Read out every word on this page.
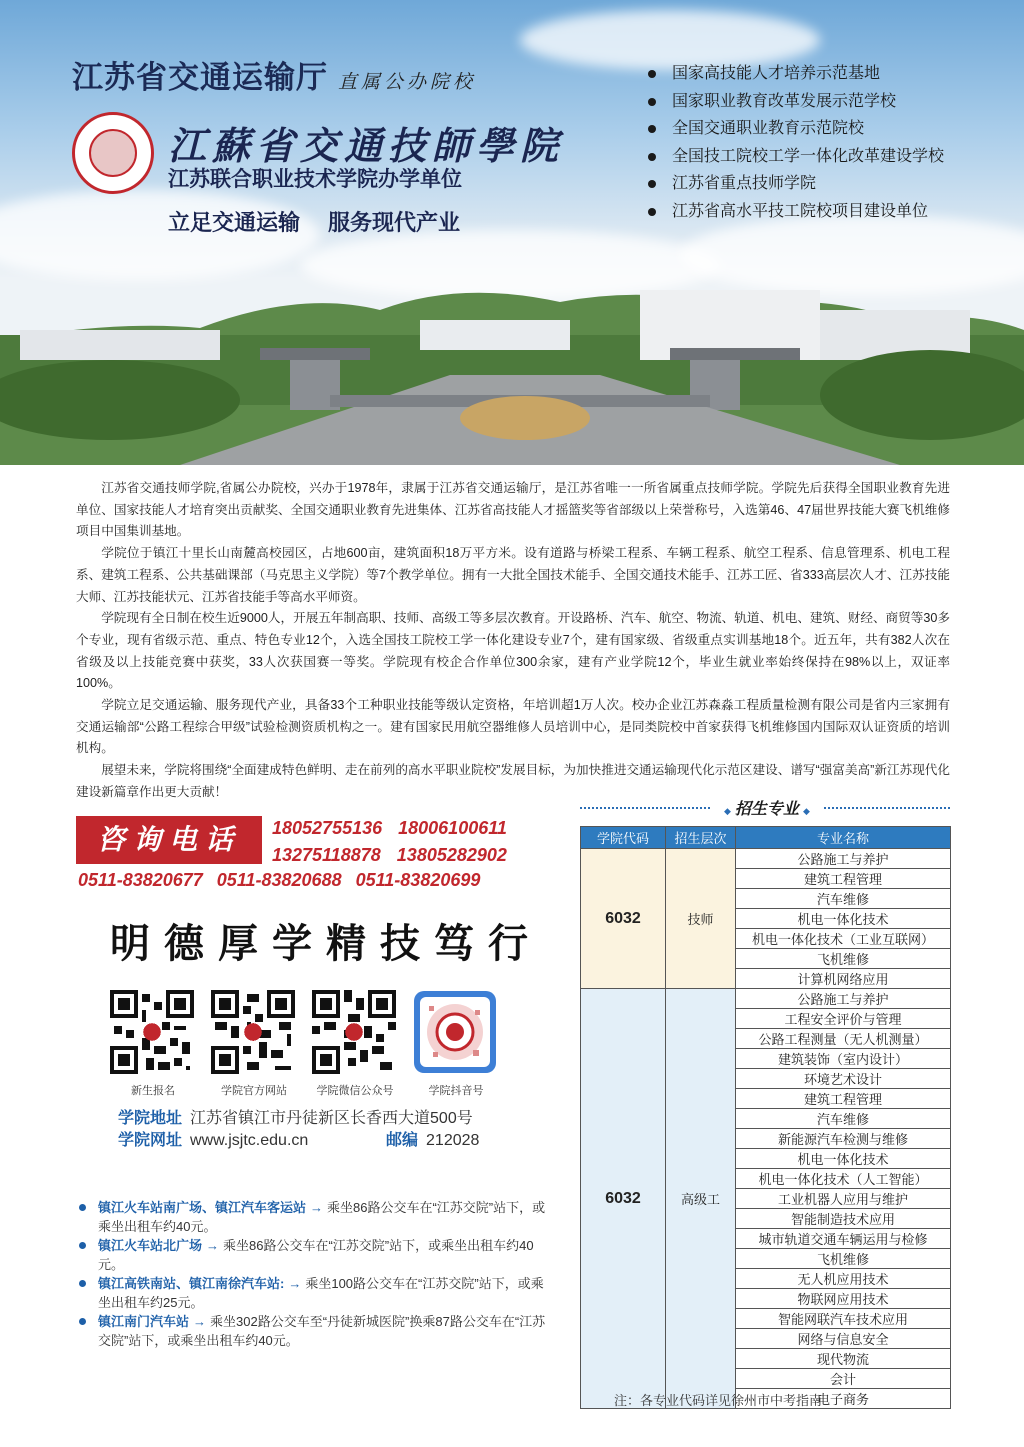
江苏省交通运输厅 直属公办院校
江蘇省交通技師學院
江苏联合职业技术学院办学单位
立足交通运输 服务现代产业
国家高技能人才培养示范基地
国家职业教育改革发展示范学校
全国交通职业教育示范院校
全国技工院校工学一体化改革建设学校
江苏省重点技师学院
江苏省高水平技工院校项目建设单位

江苏省交通技师学院,省属公办院校，兴办于1978年，隶属于江苏省交通运输厅，是江苏省唯一一所省属重点技师学院。学院先后获得全国职业教育先进单位、国家技能人才培育突出贡献奖、全国交通职业教育先进集体、江苏省高技能人才摇篮奖等省部级以上荣誉称号，入选第46、47届世界技能大赛飞机维修项目中国集训基地。

学院位于镇江十里长山南麓高校园区，占地600亩，建筑面积18万平方米。设有道路与桥梁工程系、车辆工程系、航空工程系、信息管理系、机电工程系、建筑工程系、公共基础课部（马克思主义学院）等7个教学单位。拥有一大批全国技术能手、全国交通技术能手、江苏工匠、省333高层次人才、江苏技能大师、江苏技能状元、江苏省技能手等高水平师资。

学院现有全日制在校生近9000人，开展五年制高职、技师、高级工等多层次教育。开设路桥、汽车、航空、物流、轨道、机电、建筑、财经、商贸等30多个专业，现有省级示范、重点、特色专业12个，入选全国技工院校工学一体化建设专业7个，建有国家级、省级重点实训基地18个。近五年，共有382人次在省级及以上技能竞赛中获奖，33人次获国赛一等奖。学院现有校企合作单位300余家，建有产业学院12个，毕业生就业率始终保持在98%以上，双证率100%。

学院立足交通运输、服务现代产业，具备33个工种职业技能等级认定资格，年培训超1万人次。校办企业江苏森淼工程质量检测有限公司是省内三家拥有交通运输部“公路工程综合甲级”试验检测资质机构之一。建有国家民用航空器维修人员培训中心，是同类院校中首家获得飞机维修国内国际双认证资质的培训机构。

展望未来，学院将围绕“全面建成特色鲜明、走在前列的高水平职业院校”发展目标，为加快推进交通运输现代化示范区建设、谱写“强富美高”新江苏现代化建设新篇章作出更大贡献！

咨询电话	18052755136 18006100611
13275118878 13805282902
0511-83820677 0511-83820688 0511-83820699
明德厚学精技笃行
新生报名	学院官方网站	学院微信公众号	学院抖音号
学院地址 江苏省镇江市丹徒新区长香西大道500号
学院网址 www.jsjtc.edu.cn	邮编 212028
镇江火车站南广场、镇江汽车客运站 → 乘坐86路公交车在“江苏交院”站下，或乘坐出租车约40元。
镇江火车站北广场 → 乘坐86路公交车在“江苏交院”站下，或乘坐出租车约40元。
镇江高铁南站、镇江南徐汽车站: → 乘坐100路公交车在“江苏交院”站下，或乘坐出租车约25元。
镇江南门汽车站 → 乘坐302路公交车至“丹徒新城医院”换乘87路公交车在“江苏交院”站下，或乘坐出租车约40元。
◆ 招生专业 ◆
学院代码	招生层次	专业名称
6032	技师	公路施工与养护
		建筑工程管理
		汽车维修
		机电一体化技术
		机电一体化技术（工业互联网）
		飞机维修
		计算机网络应用
6032	高级工	公路施工与养护
		工程安全评价与管理
		公路工程测量（无人机测量）
		建筑装饰（室内设计）
		环境艺术设计
		建筑工程管理
		汽车维修
		新能源汽车检测与维修
		机电一体化技术
		机电一体化技术（人工智能）
		工业机器人应用与维护
		智能制造技术应用
		城市轨道交通车辆运用与检修
		飞机维修
		无人机应用技术
		物联网应用技术
		智能网联汽车技术应用
		网络与信息安全
		现代物流
		会计
		电子商务
注：各专业代码详见徐州市中考指南
